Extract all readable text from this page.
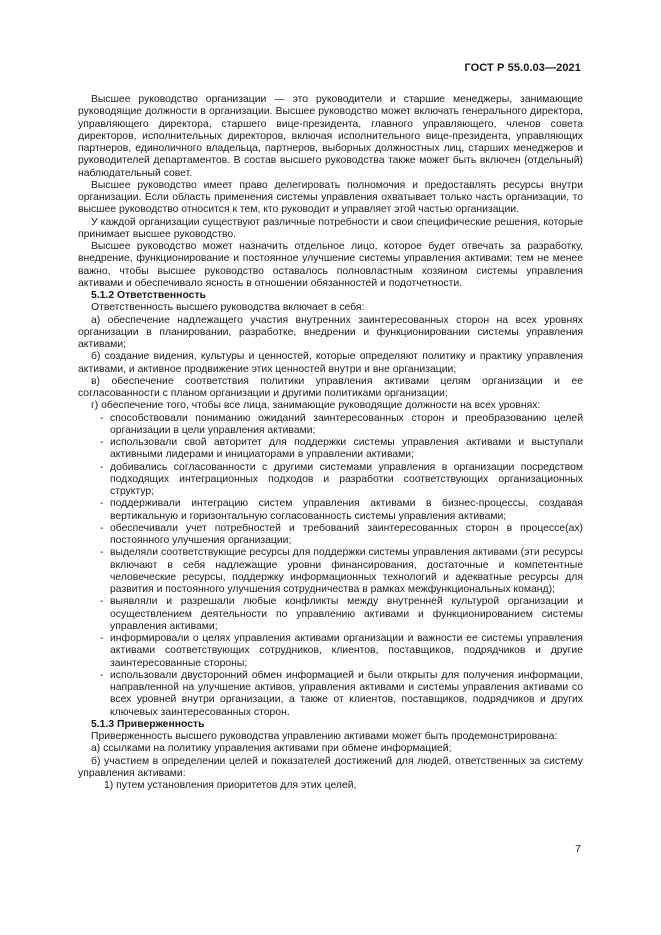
ГОСТ Р 55.0.03—2021

Высшее руководство организации — это руководители и старшие менеджеры, занимающие руководящие должности в организации. Высшее руководство может включать генерального директора, управляющего директора, старшего вице-президента, главного управляющего, членов совета директоров, исполнительных директоров, включая исполнительного вице-президента, управляющих партнеров, единоличного владельца, партнеров, выборных должностных лиц, старших менеджеров и руководителей департаментов. В состав высшего руководства также может быть включен (отдельный) наблюдательный совет.

Высшее руководство имеет право делегировать полномочия и предоставлять ресурсы внутри организации. Если область применения системы управления охватывает только часть организации, то высшее руководство относится к тем, кто руководит и управляет этой частью организации.

У каждой организации существуют различные потребности и свои специфические решения, которые принимает высшее руководство.

Высшее руководство может назначить отдельное лицо, которое будет отвечать за разработку, внедрение, функционирование и постоянное улучшение системы управления активами; тем не менее важно, чтобы высшее руководство оставалось полновластным хозяином системы управления активами и обеспечивало ясность в отношении обязанностей и подотчетности.

5.1.2 Ответственность

Ответственность высшего руководства включает в себя:

а) обеспечение надлежащего участия внутренних заинтересованных сторон на всех уровнях организации в планировании, разработке, внедрении и функционировании системы управления активами;

б) создание видения, культуры и ценностей, которые определяют политику и практику управления активами, и активное продвижение этих ценностей внутри и вне организации;

в) обеспечение соответствия политики управления активами целям организации и ее согласованности с планом организации и другими политиками организации;

г) обеспечение того, чтобы все лица, занимающие руководящие должности на всех уровнях:

- способствовали пониманию ожиданий заинтересованных сторон и преобразованию целей организации в цели управления активами;
- использовали свой авторитет для поддержки системы управления активами и выступали активными лидерами и инициаторами в управлении активами;
- добивались согласованности с другими системами управления в организации посредством подходящих интеграционных подходов и разработки соответствующих организационных структур;
- поддерживали интеграцию систем управления активами в бизнес-процессы, создавая вертикальную и горизонтальную согласованность системы управления активами;
- обеспечивали учет потребностей и требований заинтересованных сторон в процессе(ах) постоянного улучшения организации;
- выделяли соответствующие ресурсы для поддержки системы управления активами (эти ресурсы включают в себя надлежащие уровни финансирования, достаточные и компетентные человеческие ресурсы, поддержку информационных технологий и адекватные ресурсы для развития и постоянного улучшения сотрудничества в рамках межфункциональных команд);
- выявляли и разрешали любые конфликты между внутренней культурой организации и осуществлением деятельности по управлению активами и функционированием системы управления активами;
- информировали о целях управления активами организации и важности ее системы управления активами соответствующих сотрудников, клиентов, поставщиков, подрядчиков и другие заинтересованные стороны;
- использовали двусторонний обмен информацией и были открыты для получения информации, направленной на улучшение активов, управления активами и системы управления активами со всех уровней внутри организации, а также от клиентов, поставщиков, подрядчиков и других ключевых заинтересованных сторон.

5.1.3 Приверженность

Приверженность высшего руководства управлению активами может быть продемонстрирована:

а) ссылками на политику управления активами при обмене информацией;

б) участием в определении целей и показателей достижений для людей, ответственных за систему управления активами:

1) путем установления приоритетов для этих целей,

7
